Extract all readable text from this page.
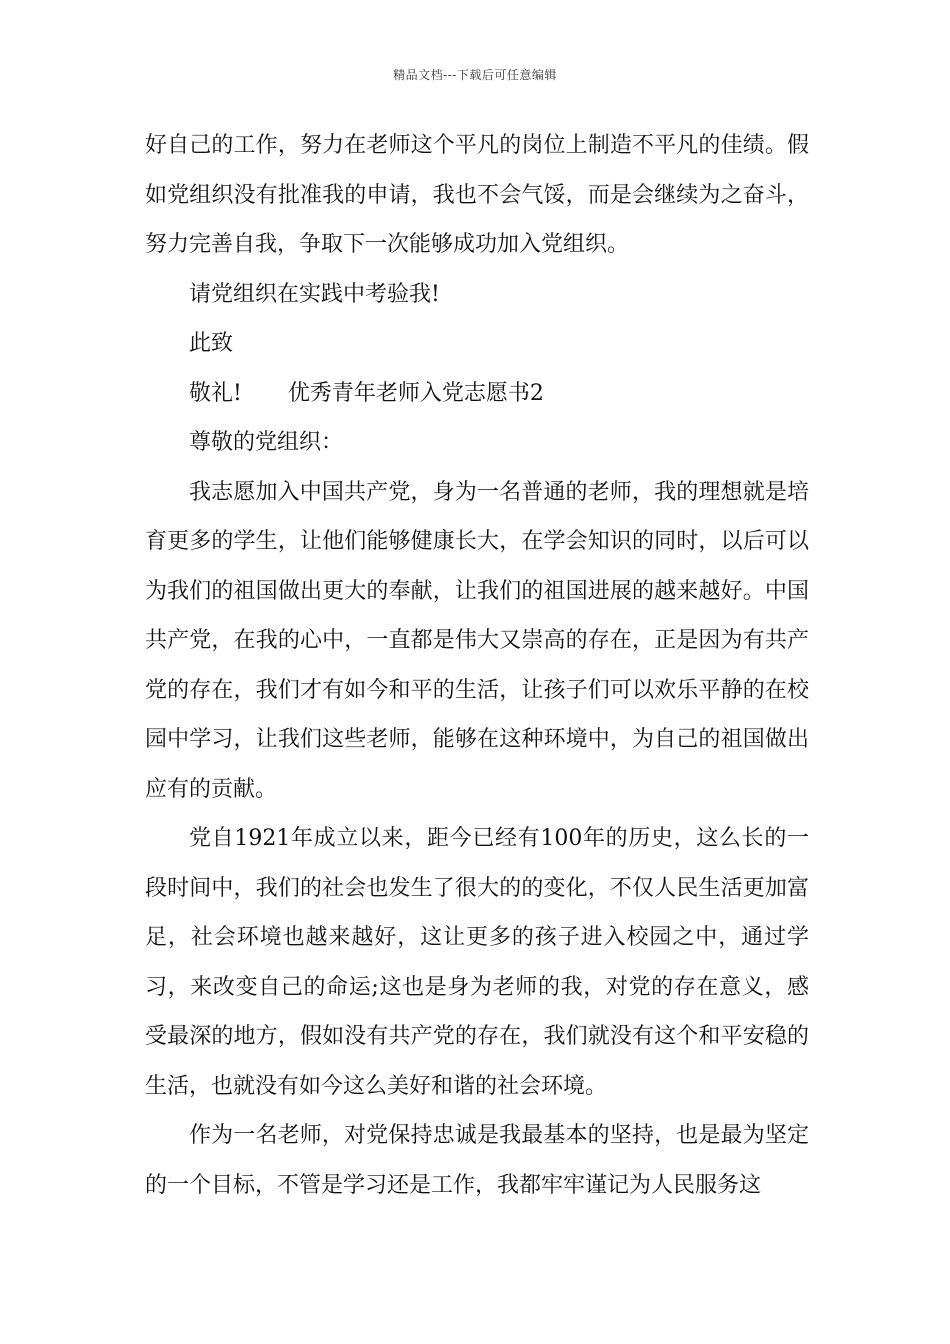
精品文档---下载后可任意编辑

好自己的工作，努力在老师这个平凡的岗位上制造不平凡的佳绩。假如党组织没有批准我的申请，我也不会气馁，而是会继续为之奋斗，努力完善自我，争取下一次能够成功加入党组织。

请党组织在实践中考验我!

此致

敬礼! 优秀青年老师入党志愿书2

尊敬的党组织：

我志愿加入中国共产党，身为一名普通的老师，我的理想就是培育更多的学生，让他们能够健康长大，在学会知识的同时，以后可以为我们的祖国做出更大的奉献，让我们的祖国进展的越来越好。中国共产党，在我的心中，一直都是伟大又崇高的存在，正是因为有共产党的存在，我们才有如今和平的生活，让孩子们可以欢乐平静的在校园中学习，让我们这些老师，能够在这种环境中，为自己的祖国做出应有的贡献。

党自1921年成立以来，距今已经有100年的历史，这么长的一段时间中，我们的社会也发生了很大的的变化，不仅人民生活更加富足，社会环境也越来越好，这让更多的孩子进入校园之中，通过学习，来改变自己的命运;这也是身为老师的我，对党的存在意义，感受最深的地方，假如没有共产党的存在，我们就没有这个和平安稳的生活，也就没有如今这么美好和谐的社会环境。

作为一名老师，对党保持忠诚是我最基本的坚持，也是最为坚定的一个目标，不管是学习还是工作，我都牢牢谨记为人民服务这
